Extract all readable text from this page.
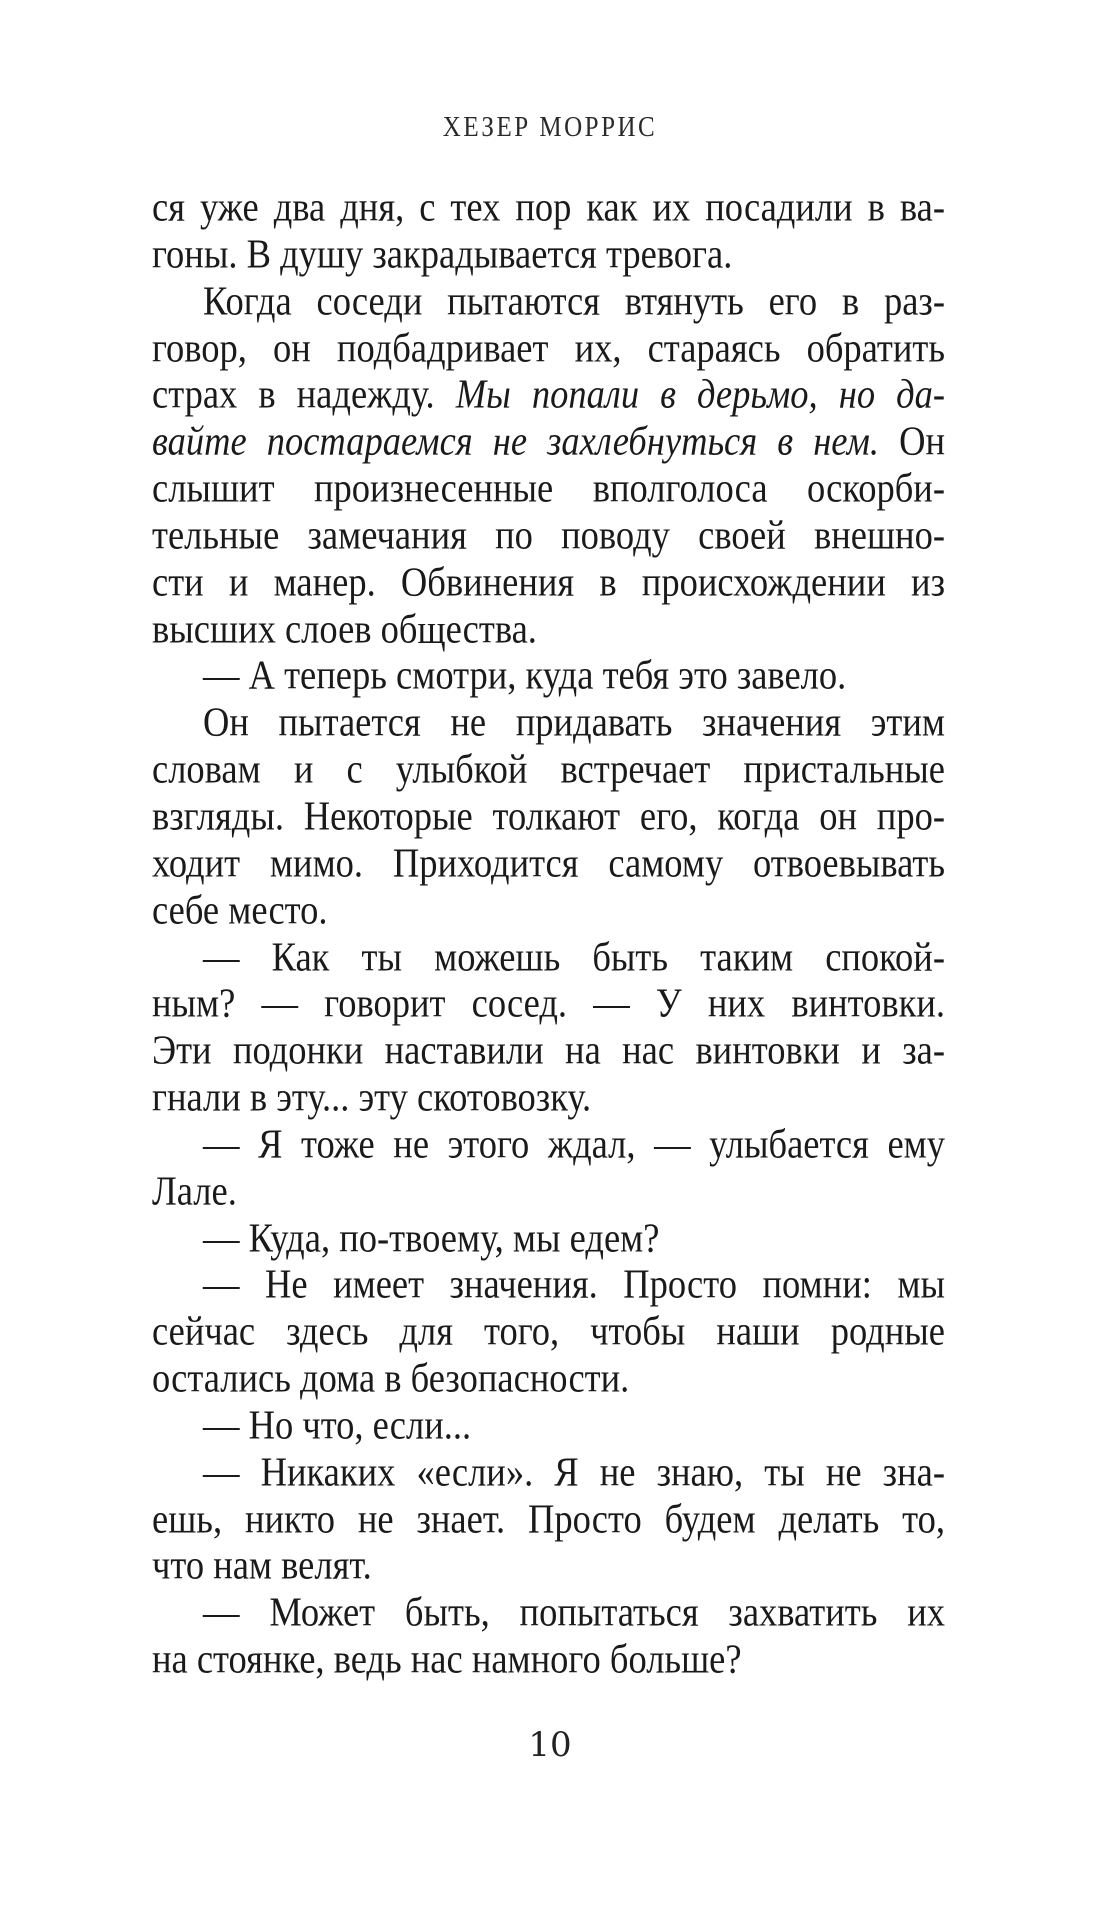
ХЕЗЕР МОРРИС
ся уже два дня, с тех пор как их посадили в ва-
гоны. В душу закрадывается тревога.
Когда соседи пытаются втянуть его в раз-
говор, он подбадривает их, стараясь обратить
страх в надежду. Мы попали в дерьмо, но да-
вайте постараемся не захлебнуться в нем. Он
слышит произнесенные вполголоса оскорби-
тельные замечания по поводу своей внешно-
сти и манер. Обвинения в происхождении из
высших слоев общества.
— А теперь смотри, куда тебя это завело.
Он пытается не придавать значения этим
словам и с улыбкой встречает пристальные
взгляды. Некоторые толкают его, когда он про-
ходит мимо. Приходится самому отвоевывать
себе место.
— Как ты можешь быть таким спокой-
ным? — говорит сосед. — У них винтовки.
Эти подонки наставили на нас винтовки и за-
гнали в эту... эту скотовозку.
— Я тоже не этого ждал, — улыбается ему
Лале.
— Куда, по-твоему, мы едем?
— Не имеет значения. Просто помни: мы
сейчас здесь для того, чтобы наши родные
остались дома в безопасности.
— Но что, если...
— Никаких «если». Я не знаю, ты не зна-
ешь, никто не знает. Просто будем делать то,
что нам велят.
— Может быть, попытаться захватить их
на стоянке, ведь нас намного больше?
10
